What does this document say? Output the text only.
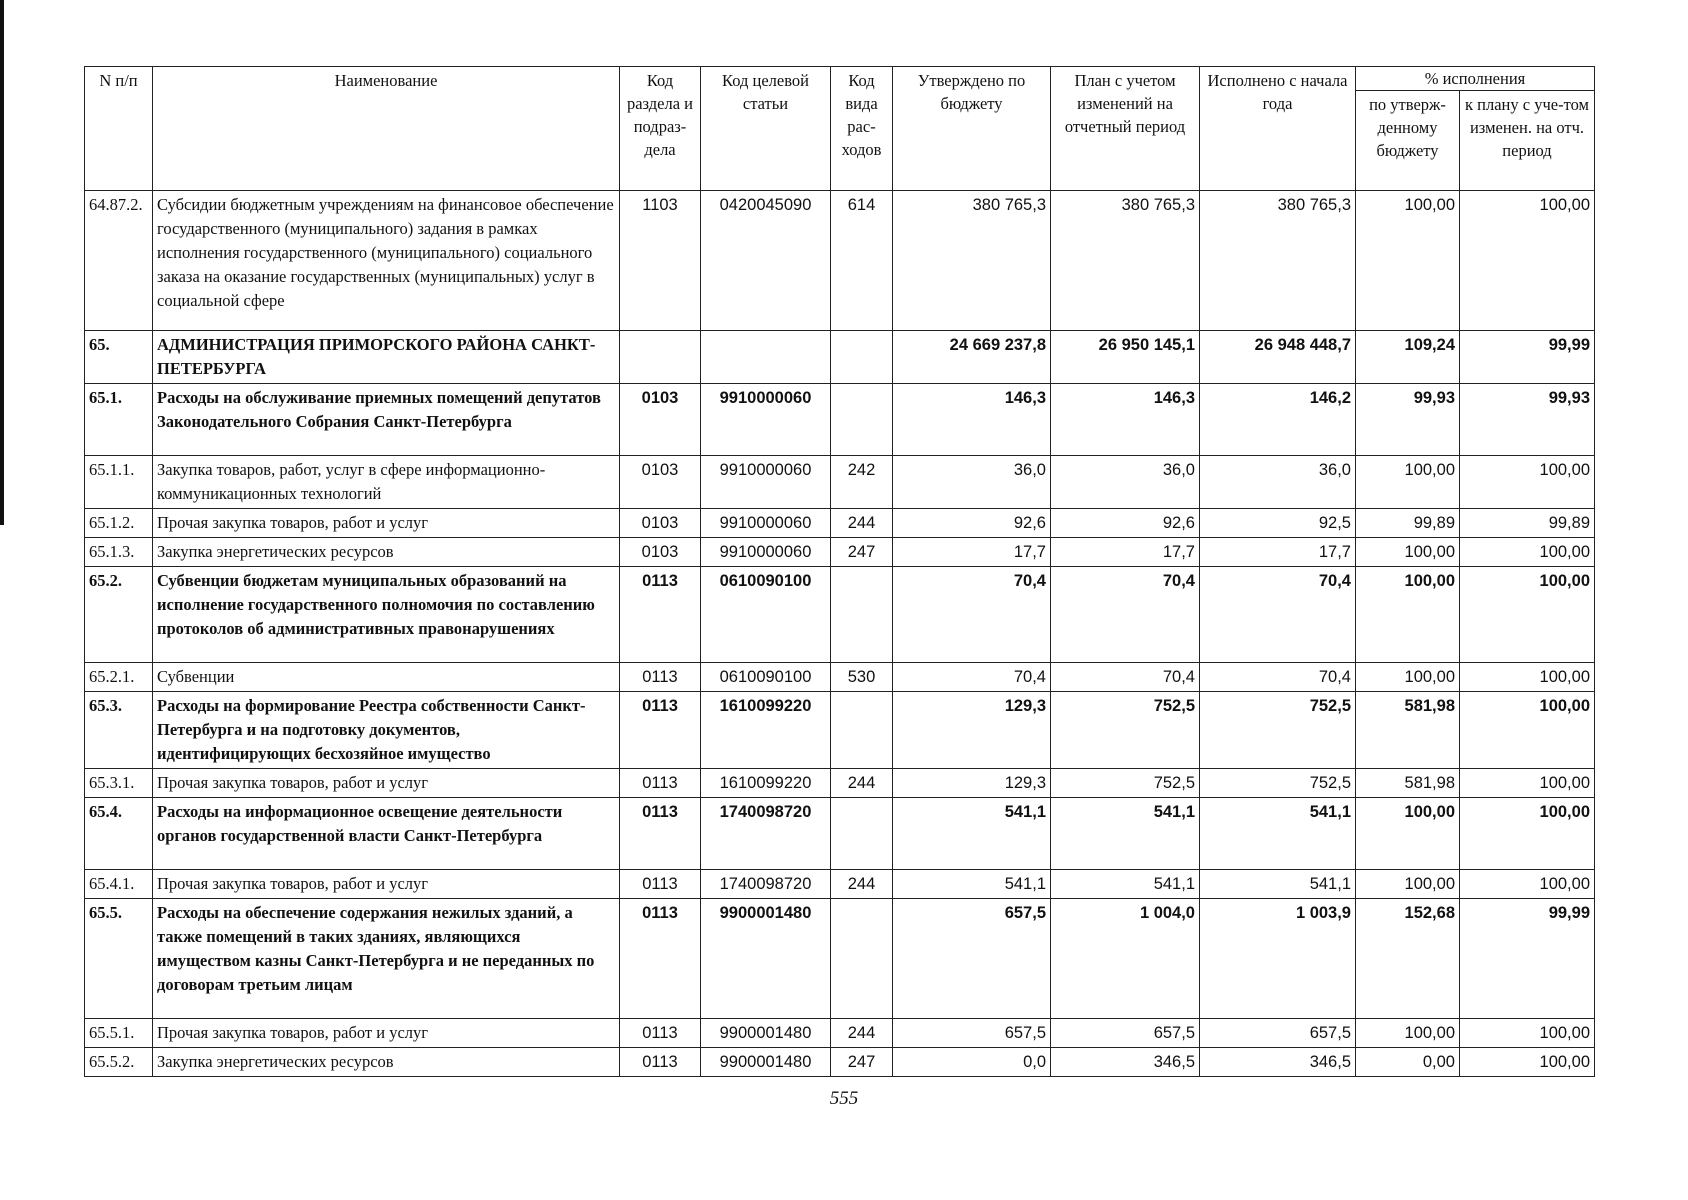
N п/п	Наименование	Код раздела и подраз-дела	Код целевой статьи	Код вида рас-ходов	Утверждено по бюджету	План с учетом изменений на отчетный период	Исполнено с начала года	% исполнения	
								по утверж-денному бюджету	к плану с уче-том изменен. на отч. период
64.87.2.	Субсидии бюджетным учреждениям на финансовое обеспечение государственного (муниципального) задания в рамках исполнения государственного (муниципального) социального заказа на оказание государственных (муниципальных) услуг в социальной сфере	1103	0420045090	614	380 765,3	380 765,3	380 765,3	100,00	100,00
65.	АДМИНИСТРАЦИЯ ПРИМОРСКОГО РАЙОНА САНКТ-ПЕТЕРБУРГА				24 669 237,8	26 950 145,1	26 948 448,7	109,24	99,99
65.1.	Расходы на обслуживание приемных помещений депутатов Законодательного Собрания Санкт-Петербурга	0103	9910000060		146,3	146,3	146,2	99,93	99,93
65.1.1.	Закупка товаров, работ, услуг в сфере информационно-коммуникационных технологий	0103	9910000060	242	36,0	36,0	36,0	100,00	100,00
65.1.2.	Прочая закупка товаров, работ и услуг	0103	9910000060	244	92,6	92,6	92,5	99,89	99,89
65.1.3.	Закупка энергетических ресурсов	0103	9910000060	247	17,7	17,7	17,7	100,00	100,00
65.2.	Субвенции бюджетам муниципальных образований на исполнение государственного полномочия по составлению протоколов об административных правонарушениях	0113	0610090100		70,4	70,4	70,4	100,00	100,00
65.2.1.	Субвенции	0113	0610090100	530	70,4	70,4	70,4	100,00	100,00
65.3.	Расходы на формирование Реестра собственности Санкт-Петербурга и на подготовку документов, идентифицирующих бесхозяйное имущество	0113	1610099220		129,3	752,5	752,5	581,98	100,00
65.3.1.	Прочая закупка товаров, работ и услуг	0113	1610099220	244	129,3	752,5	752,5	581,98	100,00
65.4.	Расходы на информационное освещение деятельности органов государственной власти Санкт-Петербурга	0113	1740098720		541,1	541,1	541,1	100,00	100,00
65.4.1.	Прочая закупка товаров, работ и услуг	0113	1740098720	244	541,1	541,1	541,1	100,00	100,00
65.5.	Расходы на обеспечение содержания нежилых зданий, а также помещений в таких зданиях, являющихся имуществом казны Санкт-Петербурга и не переданных по договорам третьим лицам	0113	9900001480		657,5	1 004,0	1 003,9	152,68	99,99
65.5.1.	Прочая закупка товаров, работ и услуг	0113	9900001480	244	657,5	657,5	657,5	100,00	100,00
65.5.2.	Закупка энергетических ресурсов	0113	9900001480	247	0,0	346,5	346,5	0,00	100,00
555
